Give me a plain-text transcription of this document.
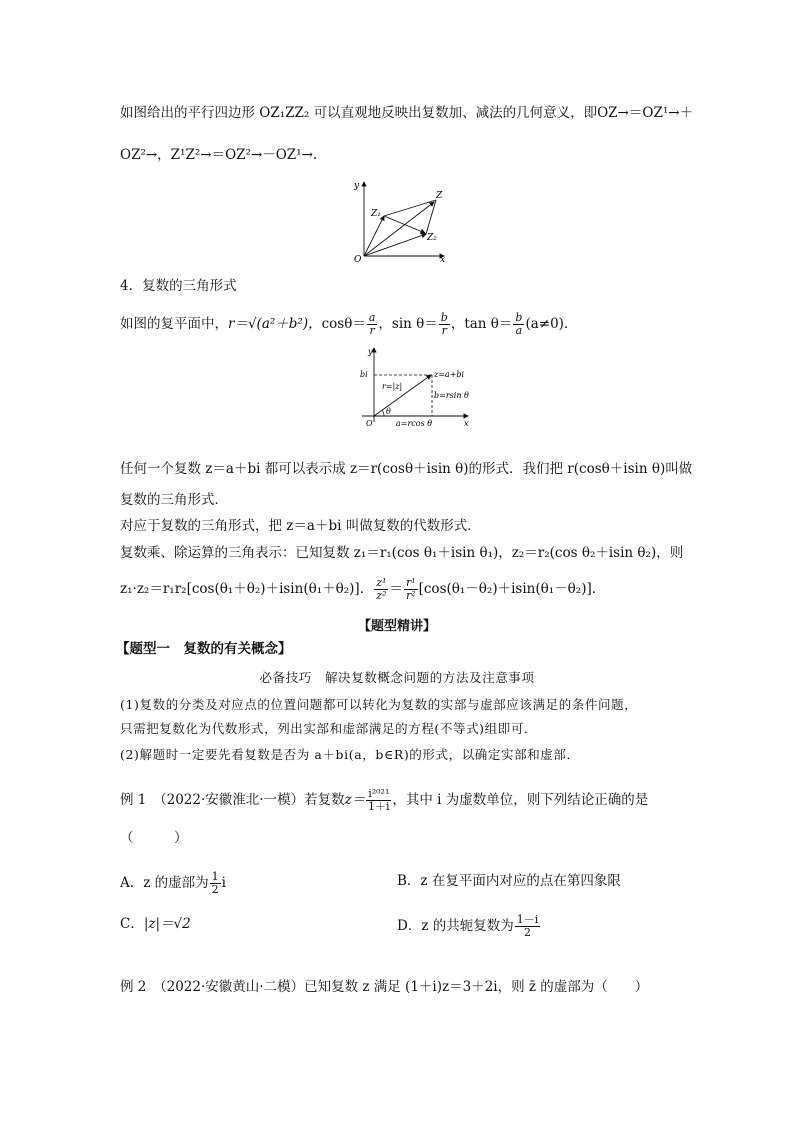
如图给出的平行四边形 OZ₁ZZ₂ 可以直观地反映出复数加、减法的几何意义，即OZ→＝OZ¹→＋
OZ²→，Z¹Z²→＝OZ²→－OZ¹→.
y
x
O
Z
Z₁
Z₂
4．复数的三角形式
如图的复平面中，r＝√(a²＋b²)，$\cos\theta= \frac{a}{r}$ ，$\sin \theta= \frac{b}{r}$ ，$\tan \theta= \frac{b}{a} (a\ne 0)$．
y
bi	z=a+bi
r=|z|
b=rsin θ
θ
O	a=rcos θ	x
任何一个复数 z＝a＋bi 都可以表示成 z＝r(cosθ＋isin θ)的形式．我们把 r(cosθ＋isin θ)叫做
复数的三角形式．
对应于复数的三角形式，把 z＝a＋bi 叫做复数的代数形式．
复数乘、除运算的三角表示：已知复数 z₁＝r₁(cos θ₁＋isin θ₁)，z₂＝r₂(cos θ₂＋isin θ₂)，则
z₁·z₂＝r₁r₂[cos(θ₁＋θ₂)＋isin(θ₁＋θ₂)]． $\frac{\text{z¹}}{\text{z²}} = \frac{\text{r¹}}{\text{r²}} [\cos(\theta_1-\theta_2)+isin(\theta_1-\theta_2)]$．
【题型精讲】
【题型一　复数的有关概念】
必备技巧　解决复数概念问题的方法及注意事项
(1)复数的分类及对应点的位置问题都可以转化为复数的实部与虚部应该满足的条件问题，
只需把复数化为代数形式，列出实部和虚部满足的方程(不等式)组即可．
(2)解题时一定要先看复数是否为 a＋bi(a，b∈R)的形式，以确定实部和虚部．
例 1　（2022·安徽淮北·一模）若复数$z= \frac{\text{i²⁰²¹}}{1+i}$ ，其中 i 为虚数单位，则下列结论正确的是
（　　　）
A．z 的虚部为 $\frac{1}{2}$ i	B．z 在复平面内对应的点在第四象限
C．|z|＝√2	D．z 的共轭复数为 $\frac{1-i}{2}$
例 2　（2022·安徽黄山·二模）已知复数 z 满足 (1＋i)z＝3＋2i，则 z̄ 的虚部为（　　）
